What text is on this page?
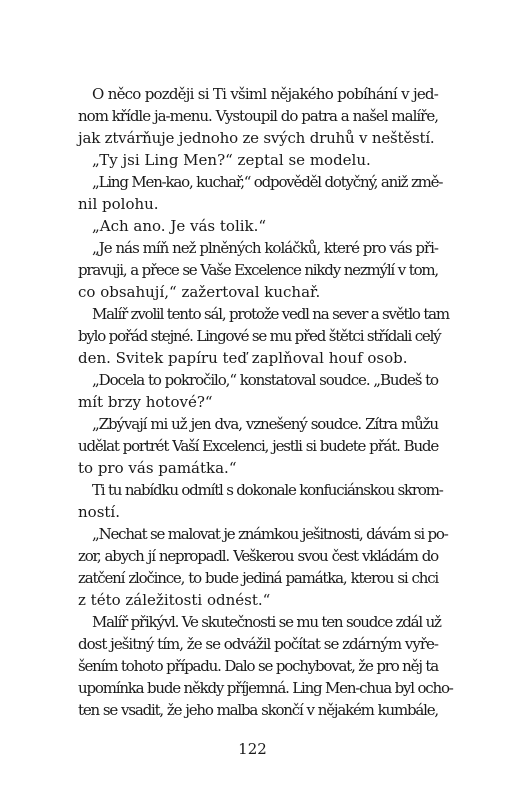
O něco později si Ti všiml nějakého pobíhání v jed-
nom křídle ja-menu. Vystoupil do patra a našel malíře,
jak ztvárňuje jednoho ze svých druhů v neštěstí.
„Ty jsi Ling Men?“ zeptal se modelu.
„Ling Men-kao, kuchař,“ odpověděl dotyčný, aniž změ-
nil polohu.
„Ach ano. Je vás tolik.“
„Je nás míň než plněných koláčků, které pro vás při-
pravuji, a přece se Vaše Excelence nikdy nezmýlí v tom,
co obsahují,“ zažertoval kuchař.
Malíř zvolil tento sál, protože vedl na sever a světlo tam
bylo pořád stejné. Lingové se mu před štětci střídali celý
den. Svitek papíru teď zaplňoval houf osob.
„Docela to pokročilo,“ konstatoval soudce. „Budeš to
mít brzy hotové?“
„Zbývají mi už jen dva, vznešený soudce. Zítra můžu
udělat portrét Vaší Excelenci, jestli si budete přát. Bude
to pro vás památka.“
Ti tu nabídku odmítl s dokonale konfuciánskou skrom-
ností.
„Nechat se malovat je známkou ješitnosti, dávám si po-
zor, abych jí nepropadl. Veškerou svou čest vkládám do
zatčení zločince, to bude jediná památka, kterou si chci
z této záležitosti odnést.“
Malíř přikývl. Ve skutečnosti se mu ten soudce zdál už
dost ješitný tím, že se odvážil počítat se zdárným vyře-
šením tohoto případu. Dalo se pochybovat, že pro něj ta
upomínka bude někdy příjemná. Ling Men-chua byl ocho-
ten se vsadit, že jeho malba skončí v nějakém kumbále,
122
